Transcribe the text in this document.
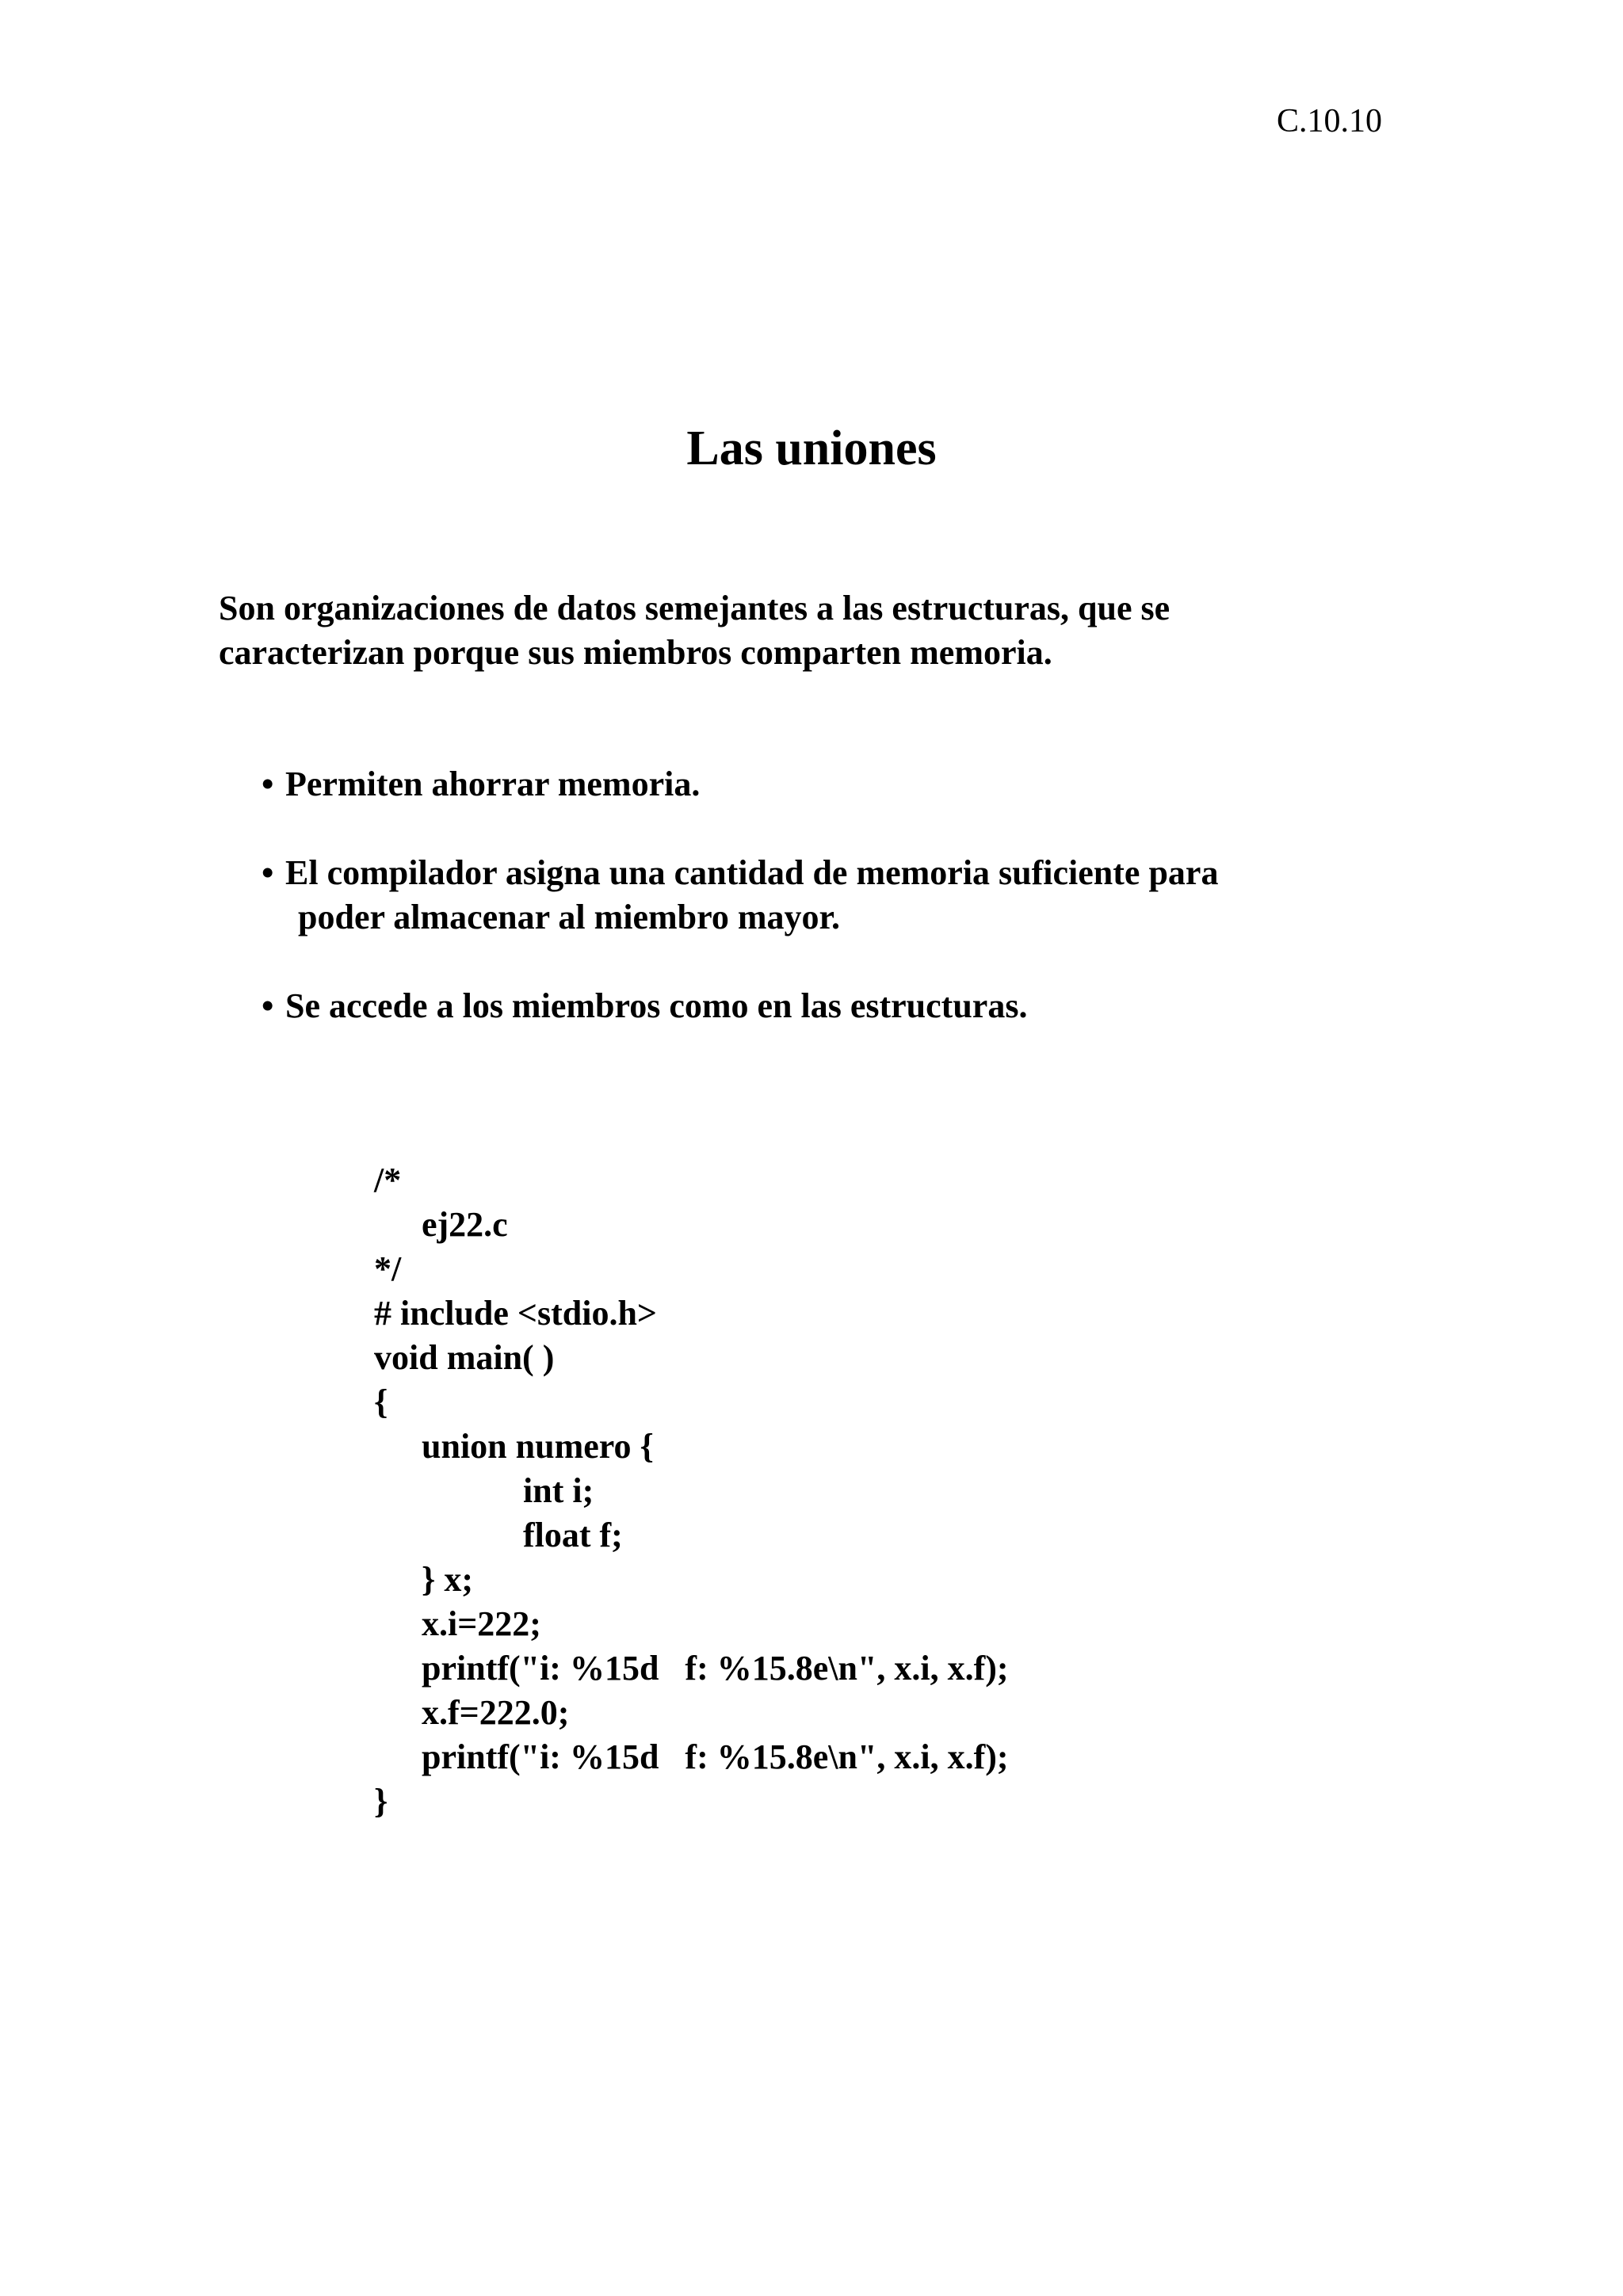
C.10.10
Las uniones

Son organizaciones de datos semejantes a las estructuras, que se
caracterizan porque sus miembros comparten memoria.

• Permiten ahorrar memoria.
• El compilador asigna una cantidad de memoria suficiente para
poder almacenar al miembro mayor.
• Se accede a los miembros como en las estructuras.
/*
ej22.c
*/
# include <stdio.h>
void main( )
{
union numero {
int i;
float f;
} x;
x.i=222;
printf("i: %15d   f: %15.8e\n", x.i, x.f);
x.f=222.0;
printf("i: %15d   f: %15.8e\n", x.i, x.f);
}
